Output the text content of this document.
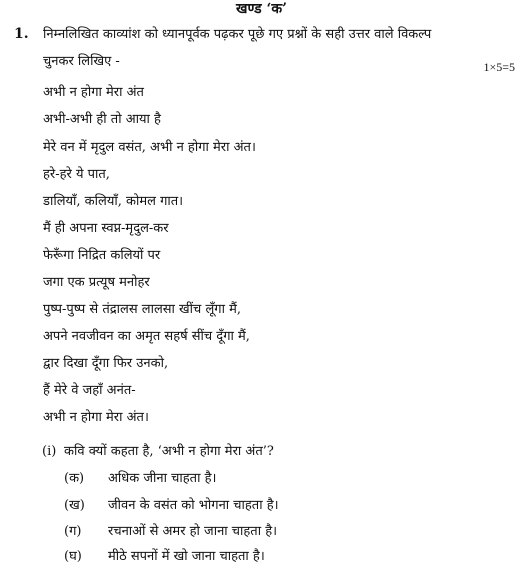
खण्ड ‘क’
1. निम्नलिखित काव्यांश को ध्यानपूर्वक पढ़कर पूछे गए प्रश्नों के सही उत्तर वाले विकल्प
चुनकर लिखिए -	1×5=5
अभी न होगा मेरा अंत
अभी-अभी ही तो आया है
मेरे वन में मृदुल वसंत, अभी न होगा मेरा अंत।
हरे-हरे ये पात,
डालियाँ, कलियाँ, कोमल गात।
मैं ही अपना स्वप्न-मृदुल-कर
फेरूँगा निद्रित कलियों पर
जगा एक प्रत्यूष मनोहर
पुष्प-पुष्प से तंद्रालस लालसा खींच लूँगा मैं,
अपने नवजीवन का अमृत सहर्ष सींच दूँगा मैं,
द्वार दिखा दूँगा फिर उनको,
हैं मेरे वे जहाँ अनंत-
अभी न होगा मेरा अंत।
(i) कवि क्यों कहता है, ‘अभी न होगा मेरा अंत’?
(क) अधिक जीना चाहता है।
(ख) जीवन के वसंत को भोगना चाहता है।
(ग) रचनाओं से अमर हो जाना चाहता है।
(घ) मीठे सपनों में खो जाना चाहता है।
